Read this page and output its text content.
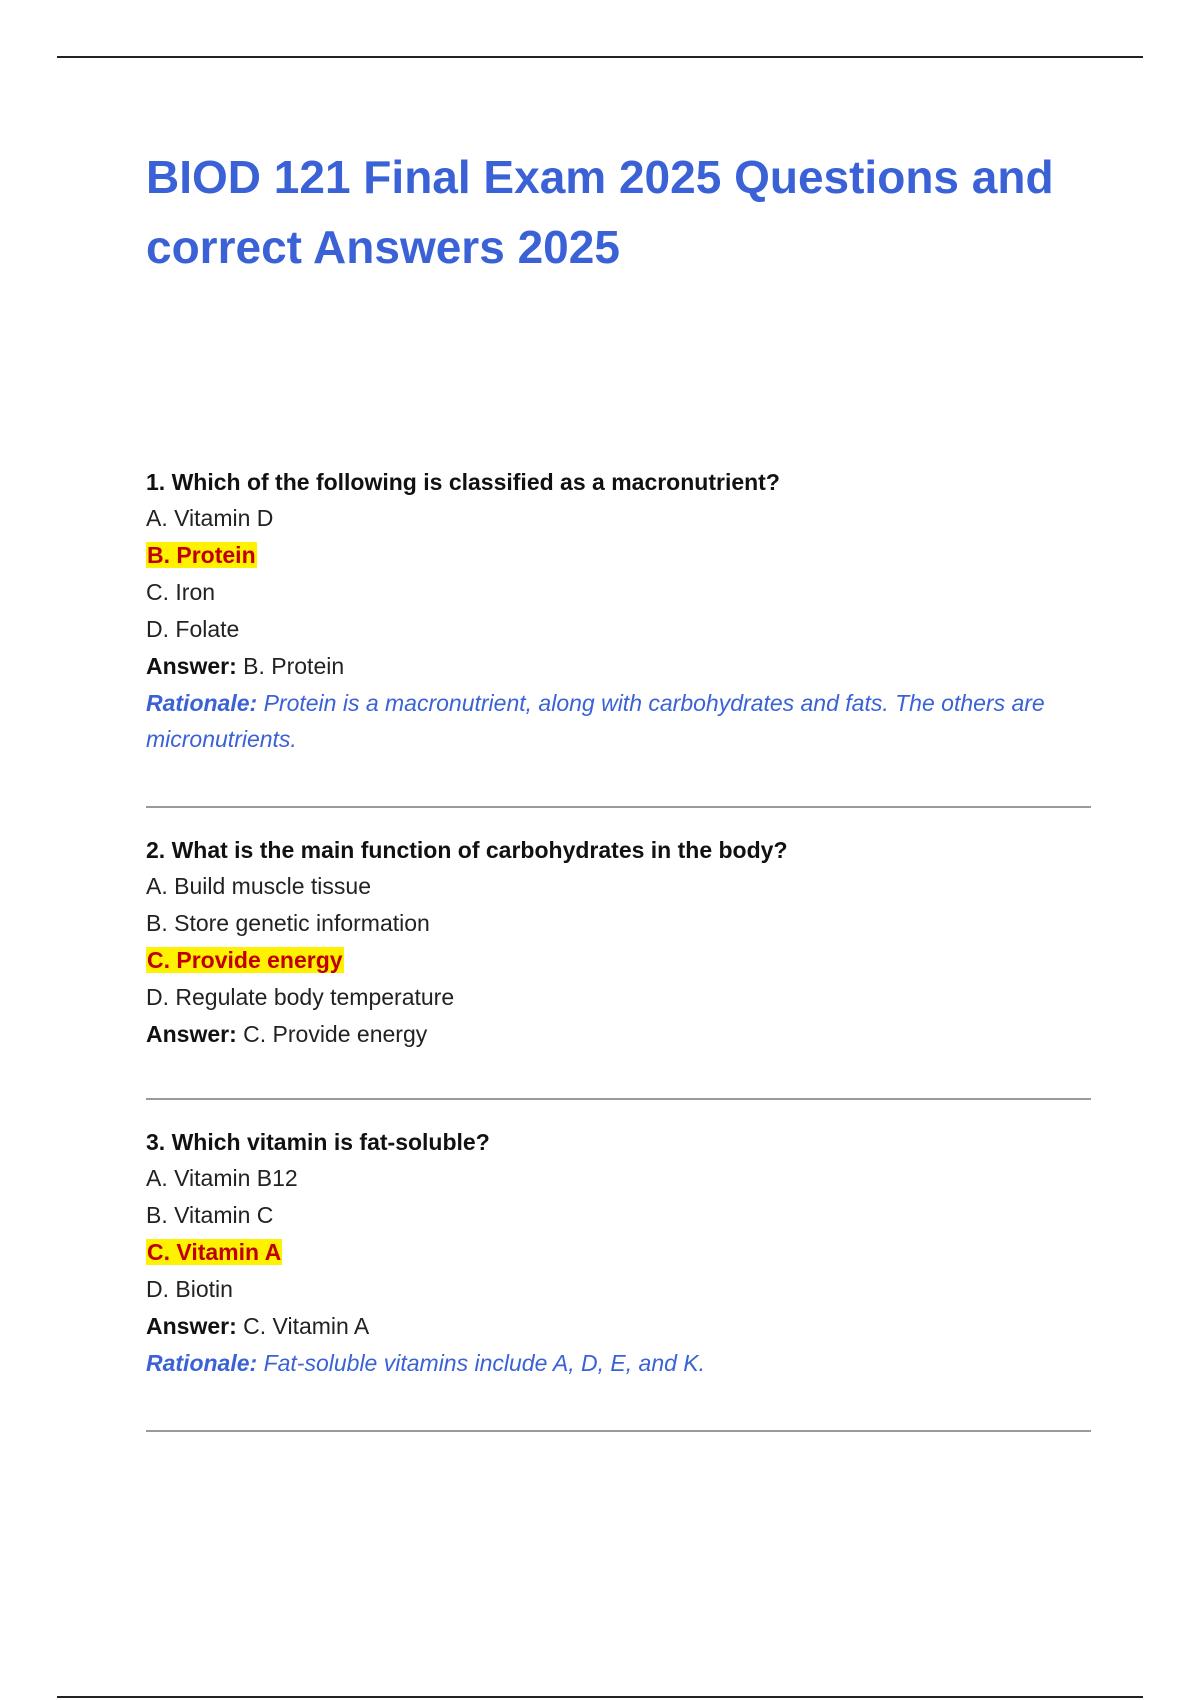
BIOD 121 Final Exam 2025 Questions and correct Answers 2025

1. Which of the following is classified as a macronutrient?

A. Vitamin D

B. Protein

C. Iron

D. Folate

Answer: B. Protein

Rationale: Protein is a macronutrient, along with carbohydrates and fats. The others are micronutrients.

2. What is the main function of carbohydrates in the body?

A. Build muscle tissue

B. Store genetic information

C. Provide energy

D. Regulate body temperature

Answer: C. Provide energy

3. Which vitamin is fat-soluble?

A. Vitamin B12

B. Vitamin C

C. Vitamin A

D. Biotin

Answer: C. Vitamin A

Rationale: Fat-soluble vitamins include A, D, E, and K.
